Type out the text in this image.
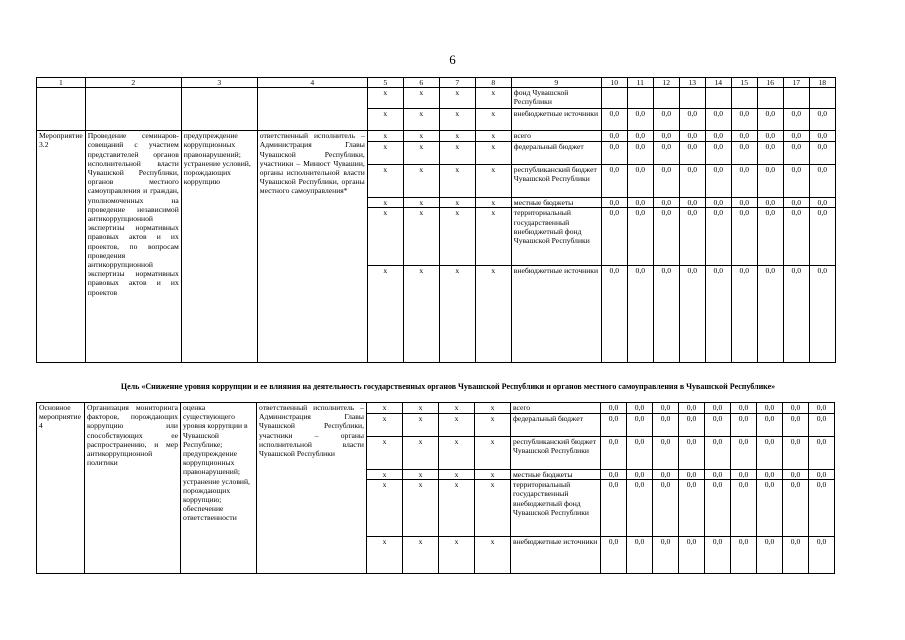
6
1	2	3	4	5	6	7	8	9	10	11	12	13	14	15	16	17	18
				x	x	x	x	фонд Чувашской Республики									
				x	x	x	x	внебюджетные источники	0,0	0,0	0,0	0,0	0,0	0,0	0,0	0,0	0,0
Мероприятие 3.2	Проведение семинаров-совещаний с участием представителей органов исполнительной власти Чувашской Республики, органов местного самоуправления и граждан, уполномоченных на проведение независимой антикоррупционной экспертизы нормативных правовых актов и их проектов, по вопросам проведения антикоррупционной экспертизы нормативных правовых актов и их проектов	предупреждение коррупционных правонарушений; устранение условий, порождающих коррупцию	ответственный исполнитель – Администрация Главы Чувашской Республики, участники – Минюст Чувашии, органы исполнительной власти Чувашской Республики, органы местного самоуправления*	x	x	x	x	всего	0,0	0,0	0,0	0,0	0,0	0,0	0,0	0,0	0,0
				x	x	x	x	федеральный бюджет	0,0	0,0	0,0	0,0	0,0	0,0	0,0	0,0	0,0
				x	x	x	x	республиканский бюджет Чувашской Республики	0,0	0,0	0,0	0,0	0,0	0,0	0,0	0,0	0,0
				x	x	x	x	местные бюджеты	0,0	0,0	0,0	0,0	0,0	0,0	0,0	0,0	0,0
				x	x	x	x	территориальный государственный внебюджетный фонд Чувашской Республики	0,0	0,0	0,0	0,0	0,0	0,0	0,0	0,0	0,0
				x	x	x	x	внебюджетные источники	0,0	0,0	0,0	0,0	0,0	0,0	0,0	0,0	0,0
Цель «Снижение уровня коррупции и ее влияния на деятельность государственных органов Чувашской Республики и органов местного самоуправления в Чувашской Республике»
Основное мероприятие 4	Организация мониторинга факторов, порождающих коррупцию или способствующих ее распространению, и мер антикоррупционной политики	оценка существующего уровня коррупции в Чувашской Республике; предупреждение коррупционных правонарушений; устранение условий, порождающих коррупцию; обеспечение ответственности	ответственный исполнитель – Администрация Главы Чувашской Республики, участники – органы исполнительной власти Чувашской Республики	x	x	x	x	всего	0,0	0,0	0,0	0,0	0,0	0,0	0,0	0,0	0,0
				x	x	x	x	федеральный бюджет	0,0	0,0	0,0	0,0	0,0	0,0	0,0	0,0	0,0
				x	x	x	x	республиканский бюджет Чувашской Республики	0,0	0,0	0,0	0,0	0,0	0,0	0,0	0,0	0,0
				x	x	x	x	местные бюджеты	0,0	0,0	0,0	0,0	0,0	0,0	0,0	0,0	0,0
				x	x	x	x	территориальный государственный внебюджетный фонд Чувашской Республики	0,0	0,0	0,0	0,0	0,0	0,0	0,0	0,0	0,0
				x	x	x	x	внебюджетные источники	0,0	0,0	0,0	0,0	0,0	0,0	0,0	0,0	0,0
